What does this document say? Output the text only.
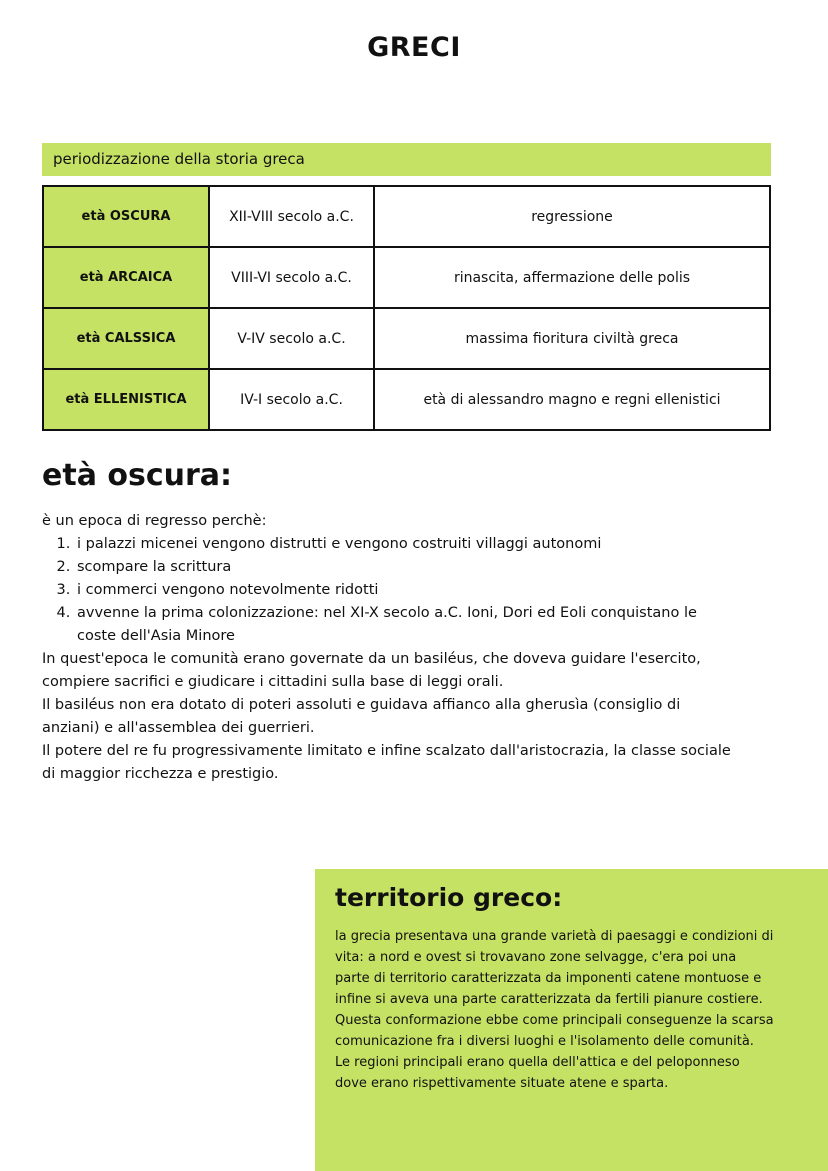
GRECI
periodizzazione della storia greca
età OSCURA	XII-VIII secolo a.C.	regressione
età ARCAICA	VIII-VI secolo a.C.	rinascita, affermazione delle polis
età CALSSICA	V-IV secolo a.C.	massima fioritura civiltà greca
età ELLENISTICA	IV-I secolo a.C.	età di alessandro magno e regni ellenistici
età oscura:

è un epoca di regresso perchè:

1. i palazzi micenei vengono distrutti e vengono costruiti villaggi autonomi
2. scompare la scrittura
3. i commerci vengono notevolmente ridotti
4. avvenne la prima colonizzazione: nel XI-X secolo a.C. Ioni, Dori ed Eoli conquistano le coste dell'Asia Minore

In quest'epoca le comunità erano governate da un basiléus, che doveva guidare l'esercito, compiere sacrifici e giudicare i cittadini sulla base di leggi orali.

Il basiléus non era dotato di poteri assoluti e guidava affianco alla gherusìa (consiglio di anziani) e all'assemblea dei guerrieri.

Il potere del re fu progressivamente limitato e infine scalzato dall'aristocrazia, la classe sociale di maggior ricchezza e prestigio.

territorio greco:

la grecia presentava una grande varietà di paesaggi e condizioni di vita: a nord e ovest si trovavano zone selvagge, c'era poi una parte di territorio caratterizzata da imponenti catene montuose e infine si aveva una parte caratterizzata da fertili pianure costiere.

Questa conformazione ebbe come principali conseguenze la scarsa comunicazione fra i diversi luoghi e l'isolamento delle comunità.

Le regioni principali erano quella dell'attica e del peloponneso dove erano rispettivamente situate atene e sparta.
